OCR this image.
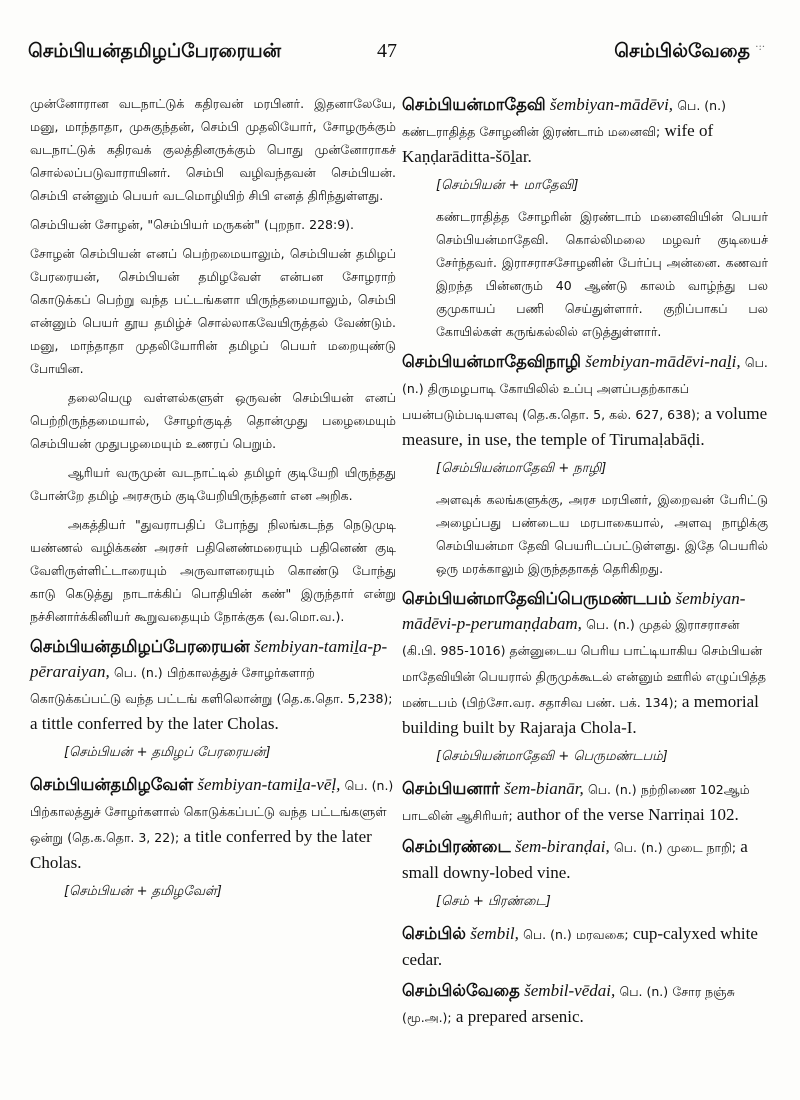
செம்பியன்தமிழப்பேரரையன்	47	செம்பில்வேதை ·:·

முன்னோரான வடநாட்டுக் கதிரவன் மரபினர். இதனாலேயே, மனு, மாந்தாதா, முசுகுந்தன், செம்பி முதலியோர், சோழருக்கும் வடநாட்டுக் கதிரவக் குலத்தினருக்கும் பொது முன்னோராகச் சொல்லப்படுவாராயினர். செம்பி வழிவந்தவன் செம்பியன். செம்பி என்னும் பெயர் வடமொழியிற் சிபி எனத் திரிந்துள்ளது.

செம்பியன் சோழன், "செம்பியர் மருகன்" (புறநா. 228:9).

சோழன் செம்பியன் எனப் பெற்றமையாலும், செம்பியன் தமிழப் பேரரையன், செம்பியன் தமிழவேள் என்பன சோழராற் கொடுக்கப் பெற்று வந்த பட்டங்களா யிருந்தமையாலும், செம்பி என்னும் பெயர் தூய தமிழ்ச் சொல்லாகவேயிருத்தல் வேண்டும். மனு, மாந்தாதா முதலியோரின் தமிழப் பெயர் மறையுண்டு போயின.

தலையெழு வள்ளல்களுள் ஒருவன் செம்பியன் எனப் பெற்றிருந்தமையால், சோழர்குடித் தொன்முது பழைமையும் செம்பியன் முதுபழமையும் உணரப் பெறும்.

ஆரியர் வருமுன் வடநாட்டில் தமிழர் குடியேறி யிருந்தது போன்றே தமிழ் அரசரும் குடியேறியிருந்தனர் என அறிக.

அகத்தியர் "துவராபதிப் போந்து நிலங்கடந்த நெடுமுடி யண்ணல் வழிக்கண் அரசர் பதினெண்மரையும் பதினெண் குடி வேளிருள்ளிட்டாரையும் அருவாளரையும் கொண்டு போந்து காடு கெடுத்து நாடாக்கிப் பொதியின் கண்" இருந்தார் என்று நச்சினார்க்கினியர் கூறுவதையும் நோக்குக (வ.மொ.வ.).

செம்பியன்தமிழப்பேரரையன் šembiyan-tamiḻa-p-pēraraiyan, பெ. (n.) பிற்காலத்துச் சோழர்களாற் கொடுக்கப்பட்டு வந்த பட்டங் களிலொன்று (தெ.க.தொ. 5,238); a tittle conferred by the later Cholas.
[செம்பியன் + தமிழப் பேரரையன்]
செம்பியன்தமிழவேள் šembiyan-tamiḻa-vēḷ, பெ. (n.) பிற்காலத்துச் சோழர்களால் கொடுக்கப்பட்டு வந்த பட்டங்களுள் ஒன்று (தெ.க.தொ. 3, 22); a title conferred by the later Cholas.
[செம்பியன் + தமிழவேள்]
செம்பியன்மாதேவி šembiyan-mādēvi, பெ. (n.) கண்டராதித்த சோழனின் இரண்டாம் மனைவி; wife of Kaṇḍarāditta-šōḻar.
[செம்பியன் + மாதேவி]

கண்டராதித்த சோழரின் இரண்டாம் மனைவியின் பெயர் செம்பியன்மாதேவி. கொல்லிமலை மழவர் குடியைச் சேர்ந்தவர். இராசராசசோழனின் பேர்ப்பு அன்னை. கணவர் இறந்த பின்னரும் 40 ஆண்டு காலம் வாழ்ந்து பல குமுகாயப் பணி செய்துள்ளார். குறிப்பாகப் பல கோயில்கள் கருங்கல்லில் எடுத்துள்ளார்.

செம்பியன்மாதேவிநாழி šembiyan-mādēvi-naḻi, பெ. (n.) திருமழபாடி கோயிலில் உப்பு அளப்பதற்காகப் பயன்படும்படியளவு (தெ.க.தொ. 5, கல். 627, 638); a volume measure, in use, the temple of Tirumaḷabāḍi.
[செம்பியன்மாதேவி + நாழி]

அளவுக் கலங்களுக்கு, அரச மரபினர், இறைவன் பேரிட்டு அழைப்பது பண்டைய மரபாகையால், அளவு நாழிக்கு செம்பியன்மா தேவி பெயரிடப்பட்டுள்ளது. இதே பெயரில் ஒரு மரக்காலும் இருந்ததாகத் தெரிகிறது.

செம்பியன்மாதேவிப்பெருமண்டபம் šembiyan-mādēvi-p-perumaṇḍabam, பெ. (n.) முதல் இராசராசன் (கி.பி. 985-1016) தன்னுடைய பெரிய பாட்டியாகிய செம்பியன் மாதேவியின் பெயரால் திருமுக்கூடல் என்னும் ஊரில் எழுப்பித்த மண்டபம் (பிற்சோ.வர. சதாசிவ பண். பக். 134); a memorial building built by Rajaraja Chola-I.
[செம்பியன்மாதேவி + பெருமண்டபம்]
செம்பியனார் šem-bianār, பெ. (n.) நற்றிணை 102ஆம் பாடலின் ஆசிரியர்; author of the verse Narriṇai 102.
செம்பிரண்டை šem-biranḍai, பெ. (n.) முடை நாறி; a small downy-lobed vine.
[செம் + பிரண்டை]
செம்பில் šembil, பெ. (n.) மரவகை; cup-calyxed white cedar.
செம்பில்வேதை šembil-vēdai, பெ. (n.) சோர நஞ்சு (மூ.அ.); a prepared arsenic.
